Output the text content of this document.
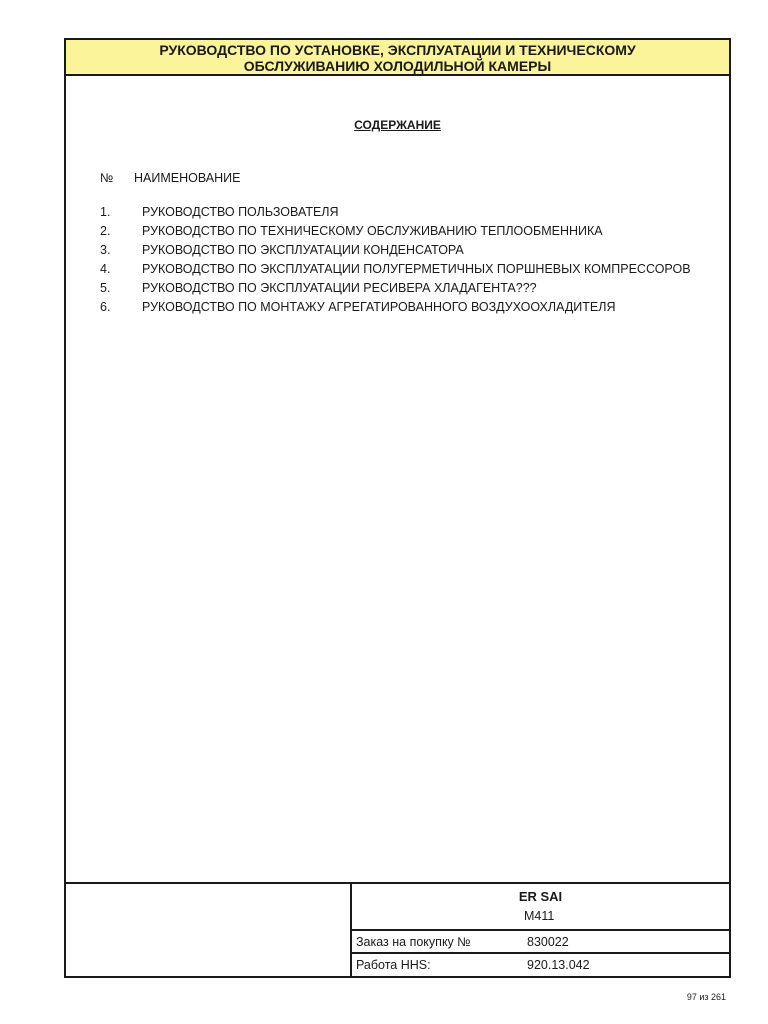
РУКОВОДСТВО ПО УСТАНОВКЕ, ЭКСПЛУАТАЦИИ И ТЕХНИЧЕСКОМУ
ОБСЛУЖИВАНИЮ ХОЛОДИЛЬНОЙ КАМЕРЫ
СОДЕРЖАНИЕ
№ НАИМЕНОВАНИЕ
1.	РУКОВОДСТВО ПОЛЬЗОВАТЕЛЯ
2.	РУКОВОДСТВО ПО ТЕХНИЧЕСКОМУ ОБСЛУЖИВАНИЮ ТЕПЛООБМЕННИКА
3.	РУКОВОДСТВО ПО ЭКСПЛУАТАЦИИ КОНДЕНСАТОРА
4.	РУКОВОДСТВО ПО ЭКСПЛУАТАЦИИ ПОЛУГЕРМЕТИЧНЫХ ПОРШНЕВЫХ КОМПРЕССОРОВ
5.	РУКОВОДСТВО ПО ЭКСПЛУАТАЦИИ РЕСИВЕРА ХЛАДАГЕНТА???
6.	РУКОВОДСТВО ПО МОНТАЖУ АГРЕГАТИРОВАННОГО ВОЗДУХООХЛАДИТЕЛЯ
ER SAI
M411
Заказ на покупку №	830022
Работа HHS:	920.13.042
97 из 261
